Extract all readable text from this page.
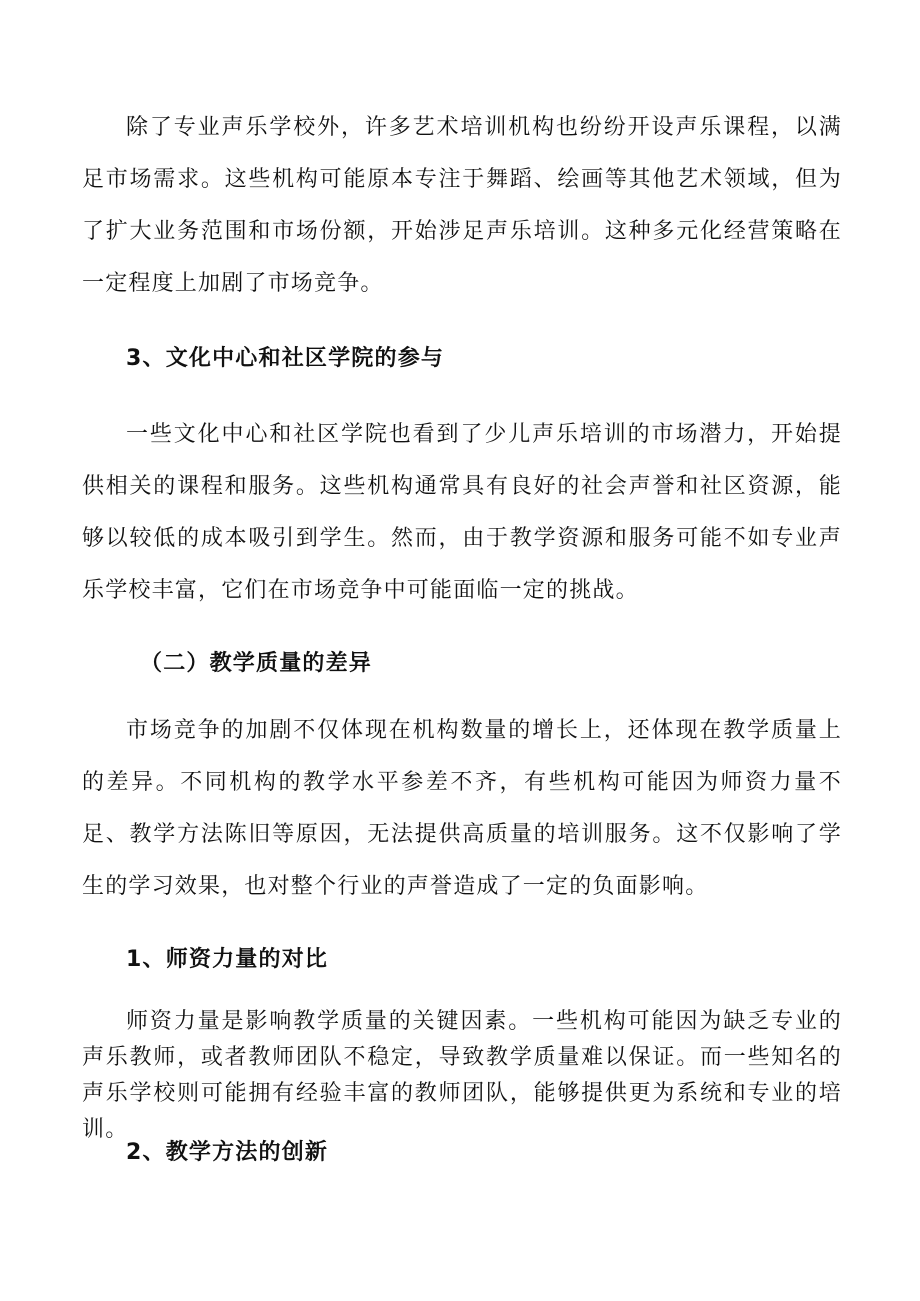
除了专业声乐学校外，许多艺术培训机构也纷纷开设声乐课程，以满足市场需求。这些机构可能原本专注于舞蹈、绘画等其他艺术领域，但为了扩大业务范围和市场份额，开始涉足声乐培训。这种多元化经营策略在一定程度上加剧了市场竞争。

3、文化中心和社区学院的参与

一些文化中心和社区学院也看到了少儿声乐培训的市场潜力，开始提供相关的课程和服务。这些机构通常具有良好的社会声誉和社区资源，能够以较低的成本吸引到学生。然而，由于教学资源和服务可能不如专业声乐学校丰富，它们在市场竞争中可能面临一定的挑战。

（二）教学质量的差异

市场竞争的加剧不仅体现在机构数量的增长上，还体现在教学质量上的差异。不同机构的教学水平参差不齐，有些机构可能因为师资力量不足、教学方法陈旧等原因，无法提供高质量的培训服务。这不仅影响了学生的学习效果，也对整个行业的声誉造成了一定的负面影响。

1、师资力量的对比

师资力量是影响教学质量的关键因素。一些机构可能因为缺乏专业的声乐教师，或者教师团队不稳定，导致教学质量难以保证。而一些知名的声乐学校则可能拥有经验丰富的教师团队，能够提供更为系统和专业的培训。

2、教学方法的创新
